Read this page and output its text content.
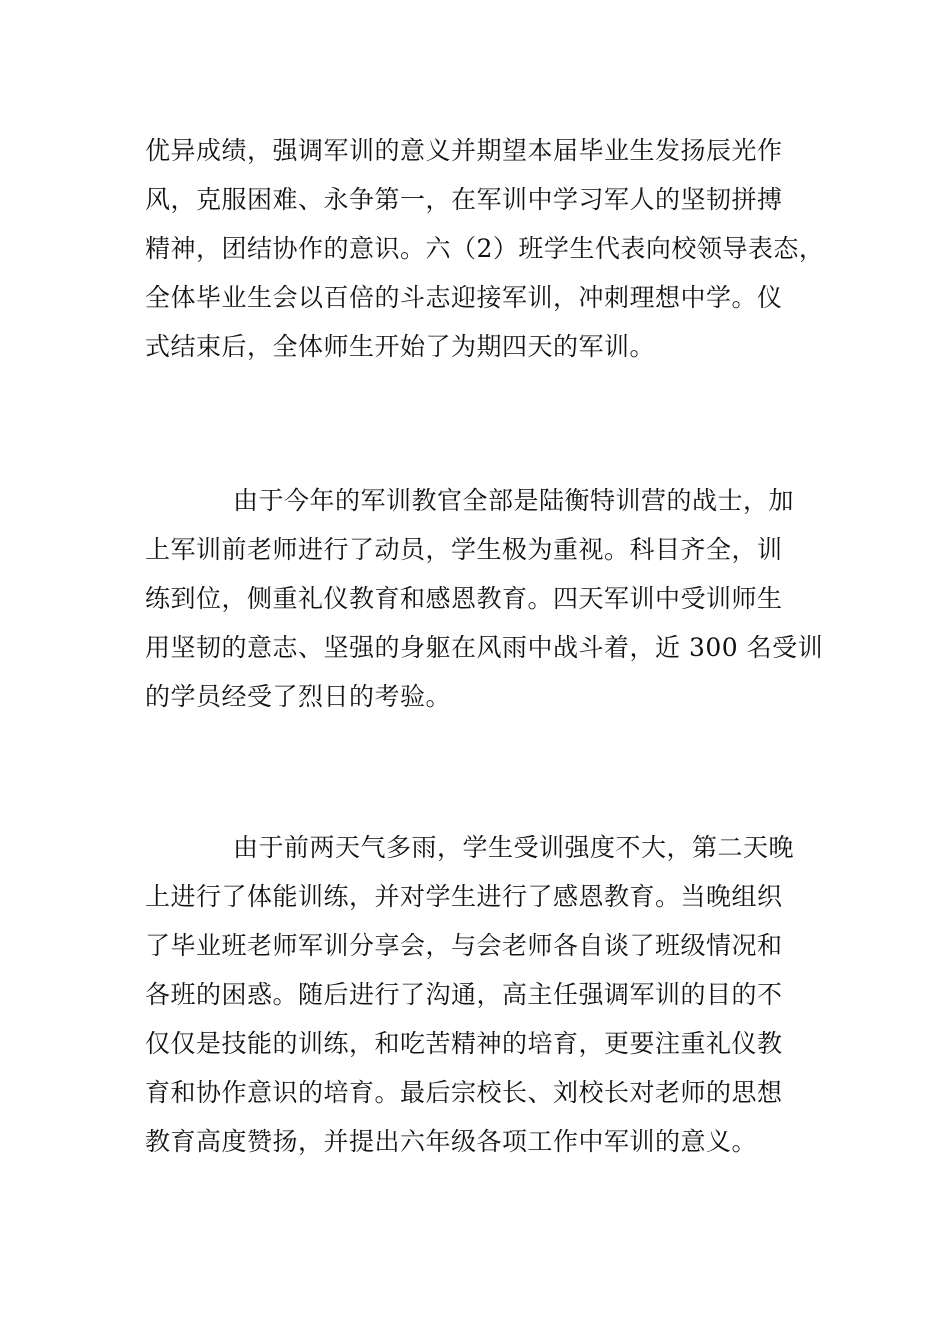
优异成绩，强调军训的意义并期望本届毕业生发扬辰光作
风，克服困难、永争第一，在军训中学习军人的坚韧拼搏
精神，团结协作的意识。六（2）班学生代表向校领导表态，
全体毕业生会以百倍的斗志迎接军训，冲刺理想中学。仪
式结束后，全体师生开始了为期四天的军训。

由于今年的军训教官全部是陆衡特训营的战士，加
上军训前老师进行了动员，学生极为重视。科目齐全，训
练到位，侧重礼仪教育和感恩教育。四天军训中受训师生
用坚韧的意志、坚强的身躯在风雨中战斗着，近 300 名受训
的学员经受了烈日的考验。

由于前两天气多雨，学生受训强度不大，第二天晚
上进行了体能训练，并对学生进行了感恩教育。当晚组织
了毕业班老师军训分享会，与会老师各自谈了班级情况和
各班的困惑。随后进行了沟通，高主任强调军训的目的不
仅仅是技能的训练，和吃苦精神的培育，更要注重礼仪教
育和协作意识的培育。最后宗校长、刘校长对老师的思想
教育高度赞扬，并提出六年级各项工作中军训的意义。
